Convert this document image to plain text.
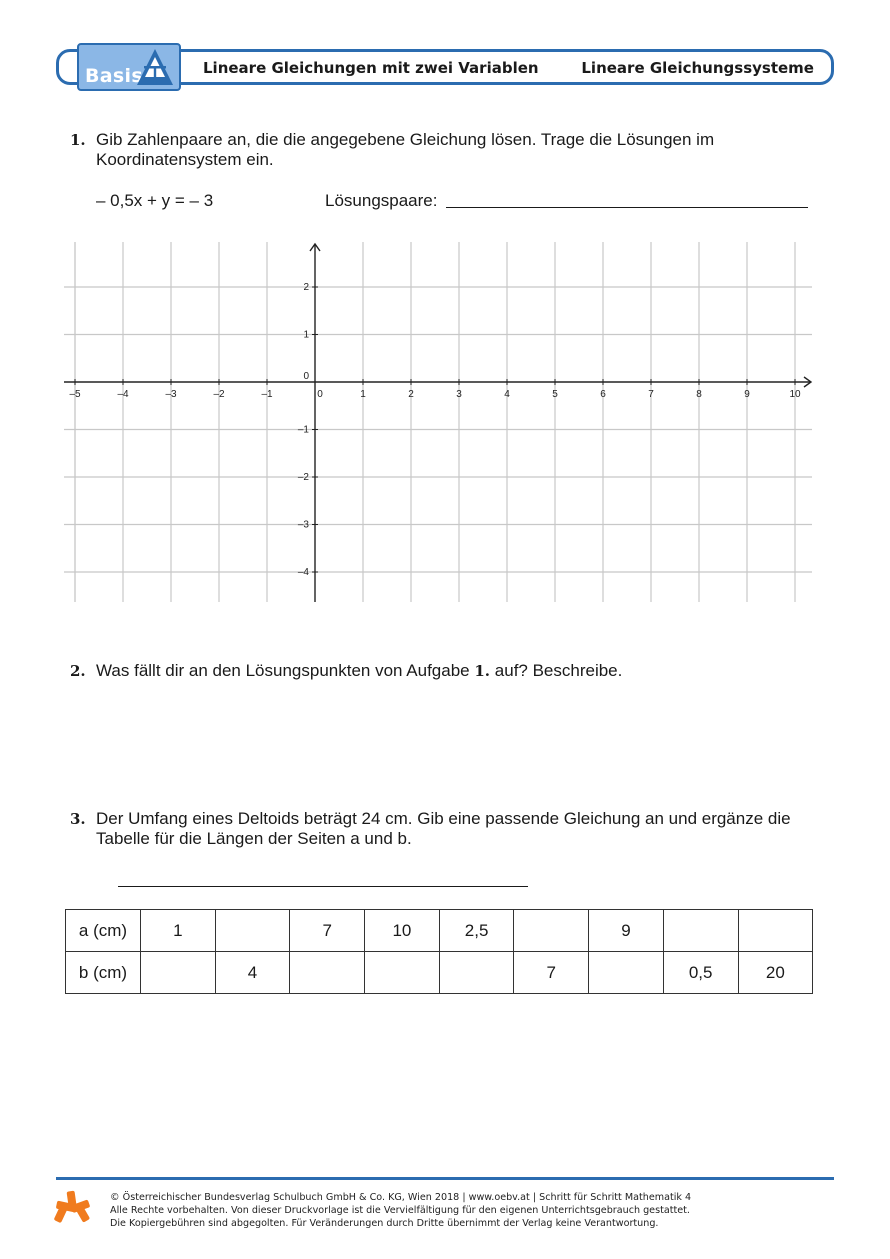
Basis	Lineare Gleichungen mit zwei Variablen	Lineare Gleichungssysteme
1. Gib Zahlenpaare an, die die angegebene Gleichung lösen. Trage die Lösungen im
Koordinatensystem ein.
– 0,5x + y = – 3	Lösungspaare:
–5	–4	–3	–2	–1	0	1	2	3	4	5	6	7	8	9	10
2
1
0
–1
–2
–3
–4
2. Was fällt dir an den Lösungspunkten von Aufgabe 1. auf? Beschreibe.
3. Der Umfang eines Deltoids beträgt 24 cm. Gib eine passende Gleichung an und ergänze die
Tabelle für die Längen der Seiten a und b.
a (cm)	1		7	10	2,5		9		
b (cm)		4				7		0,5	20
© Österreichischer Bundesverlag Schulbuch GmbH & Co. KG, Wien 2018 | www.oebv.at | Schritt für Schritt Mathematik 4
Alle Rechte vorbehalten. Von dieser Druckvorlage ist die Vervielfältigung für den eigenen Unterrichtsgebrauch gestattet.
Die Kopiergebühren sind abgegolten. Für Veränderungen durch Dritte übernimmt der Verlag keine Verantwortung.
